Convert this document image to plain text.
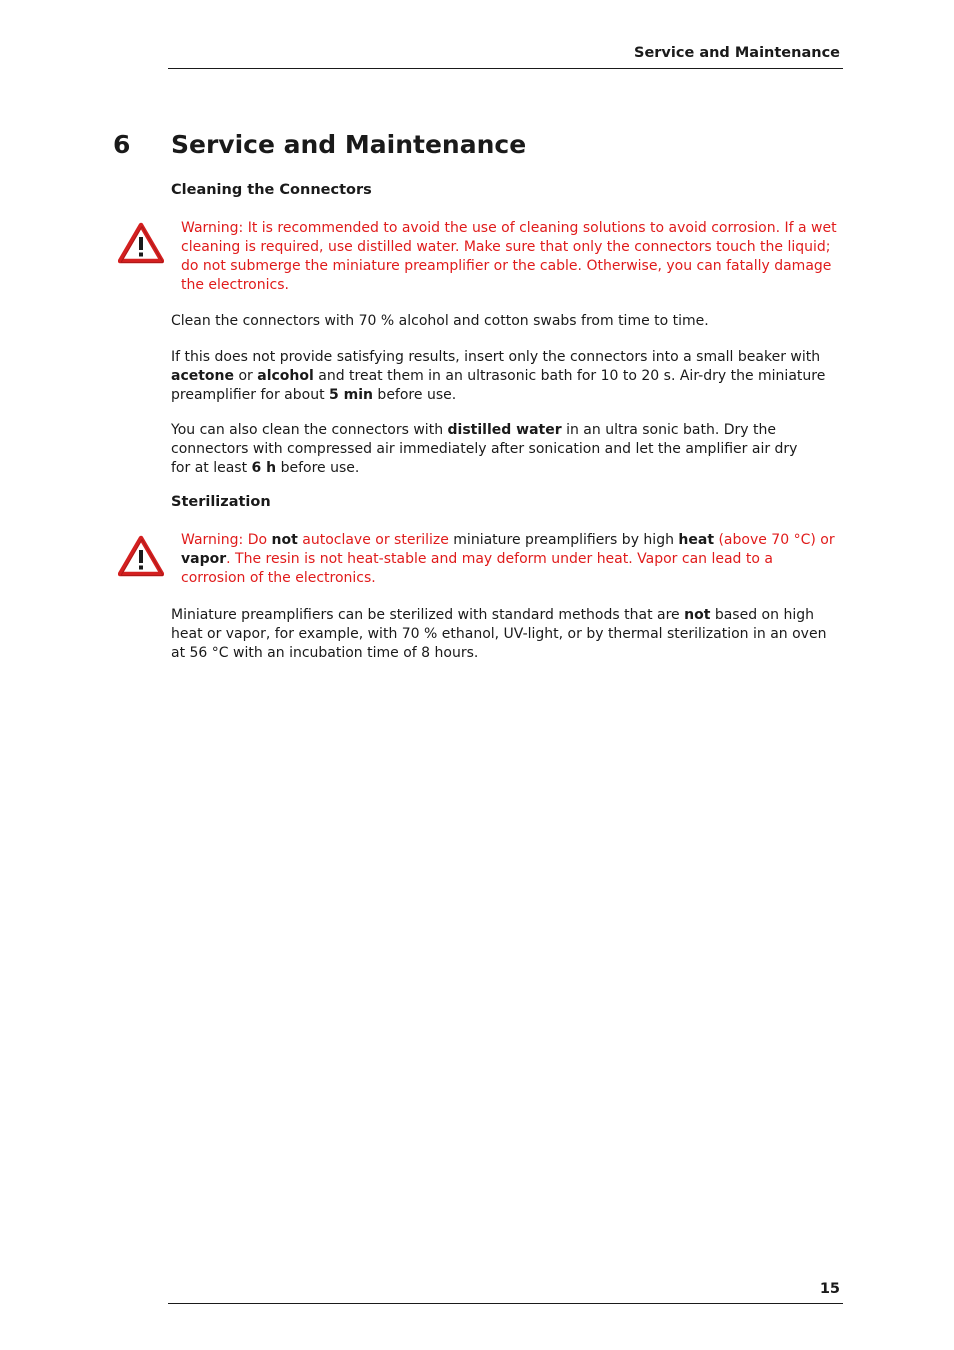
Service and Maintenance
6 Service and Maintenance
Cleaning the Connectors
Warning: It is recommended to avoid the use of cleaning solutions to avoid corrosion. If a wet cleaning is required, use distilled water. Make sure that only the connectors touch the liquid; do not submerge the miniature preamplifier or the cable. Otherwise, you can fatally damage the electronics.
Clean the connectors with 70 % alcohol and cotton swabs from time to time.
If this does not provide satisfying results, insert only the connectors into a small beaker with acetone or alcohol and treat them in an ultrasonic bath for 10 to 20 s. Air-dry the miniature preamplifier for about 5 min before use.
You can also clean the connectors with distilled water in an ultra sonic bath. Dry the connectors with compressed air immediately after sonication and let the amplifier air dry for at least 6 h before use.
Sterilization
Warning: Do not autoclave or sterilize miniature preamplifiers by high heat (above 70 °C) or vapor. The resin is not heat-stable and may deform under heat. Vapor can lead to a corrosion of the electronics.
Miniature preamplifiers can be sterilized with standard methods that are not based on high heat or vapor, for example, with 70 % ethanol, UV-light, or by thermal sterilization in an oven at 56 °C with an incubation time of 8 hours.
15
